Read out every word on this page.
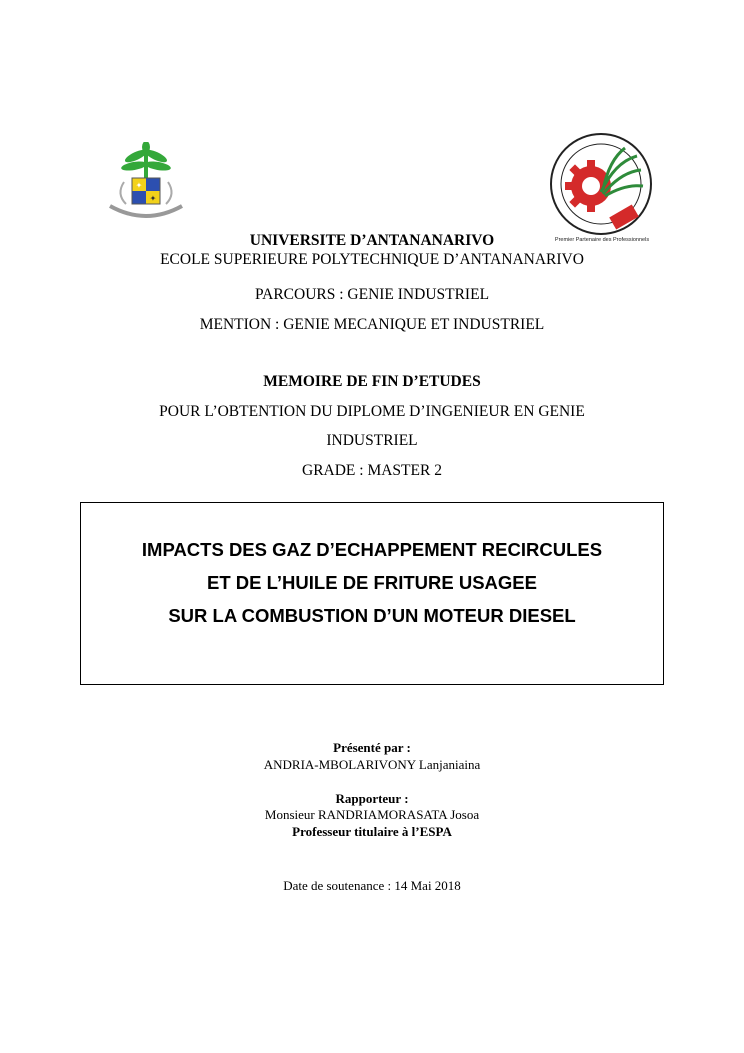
✦
✦
Premier Partenaire des Professionnels
UNIVERSITE D’ANTANANARIVO
ECOLE SUPERIEURE POLYTECHNIQUE D’ANTANANARIVO
PARCOURS : GENIE INDUSTRIEL
MENTION : GENIE MECANIQUE ET INDUSTRIEL
MEMOIRE DE FIN D’ETUDES
POUR L’OBTENTION DU DIPLOME D’INGENIEUR EN GENIE
INDUSTRIEL
GRADE : MASTER 2
IMPACTS DES GAZ D’ECHAPPEMENT RECIRCULES
ET DE L’HUILE DE FRITURE USAGEE
SUR LA COMBUSTION D’UN MOTEUR DIESEL
Présenté par :
ANDRIA-MBOLARIVONY Lanjaniaina
Rapporteur :
Monsieur RANDRIAMORASATA Josoa
Professeur titulaire à l’ESPA
Date de soutenance : 14 Mai 2018
